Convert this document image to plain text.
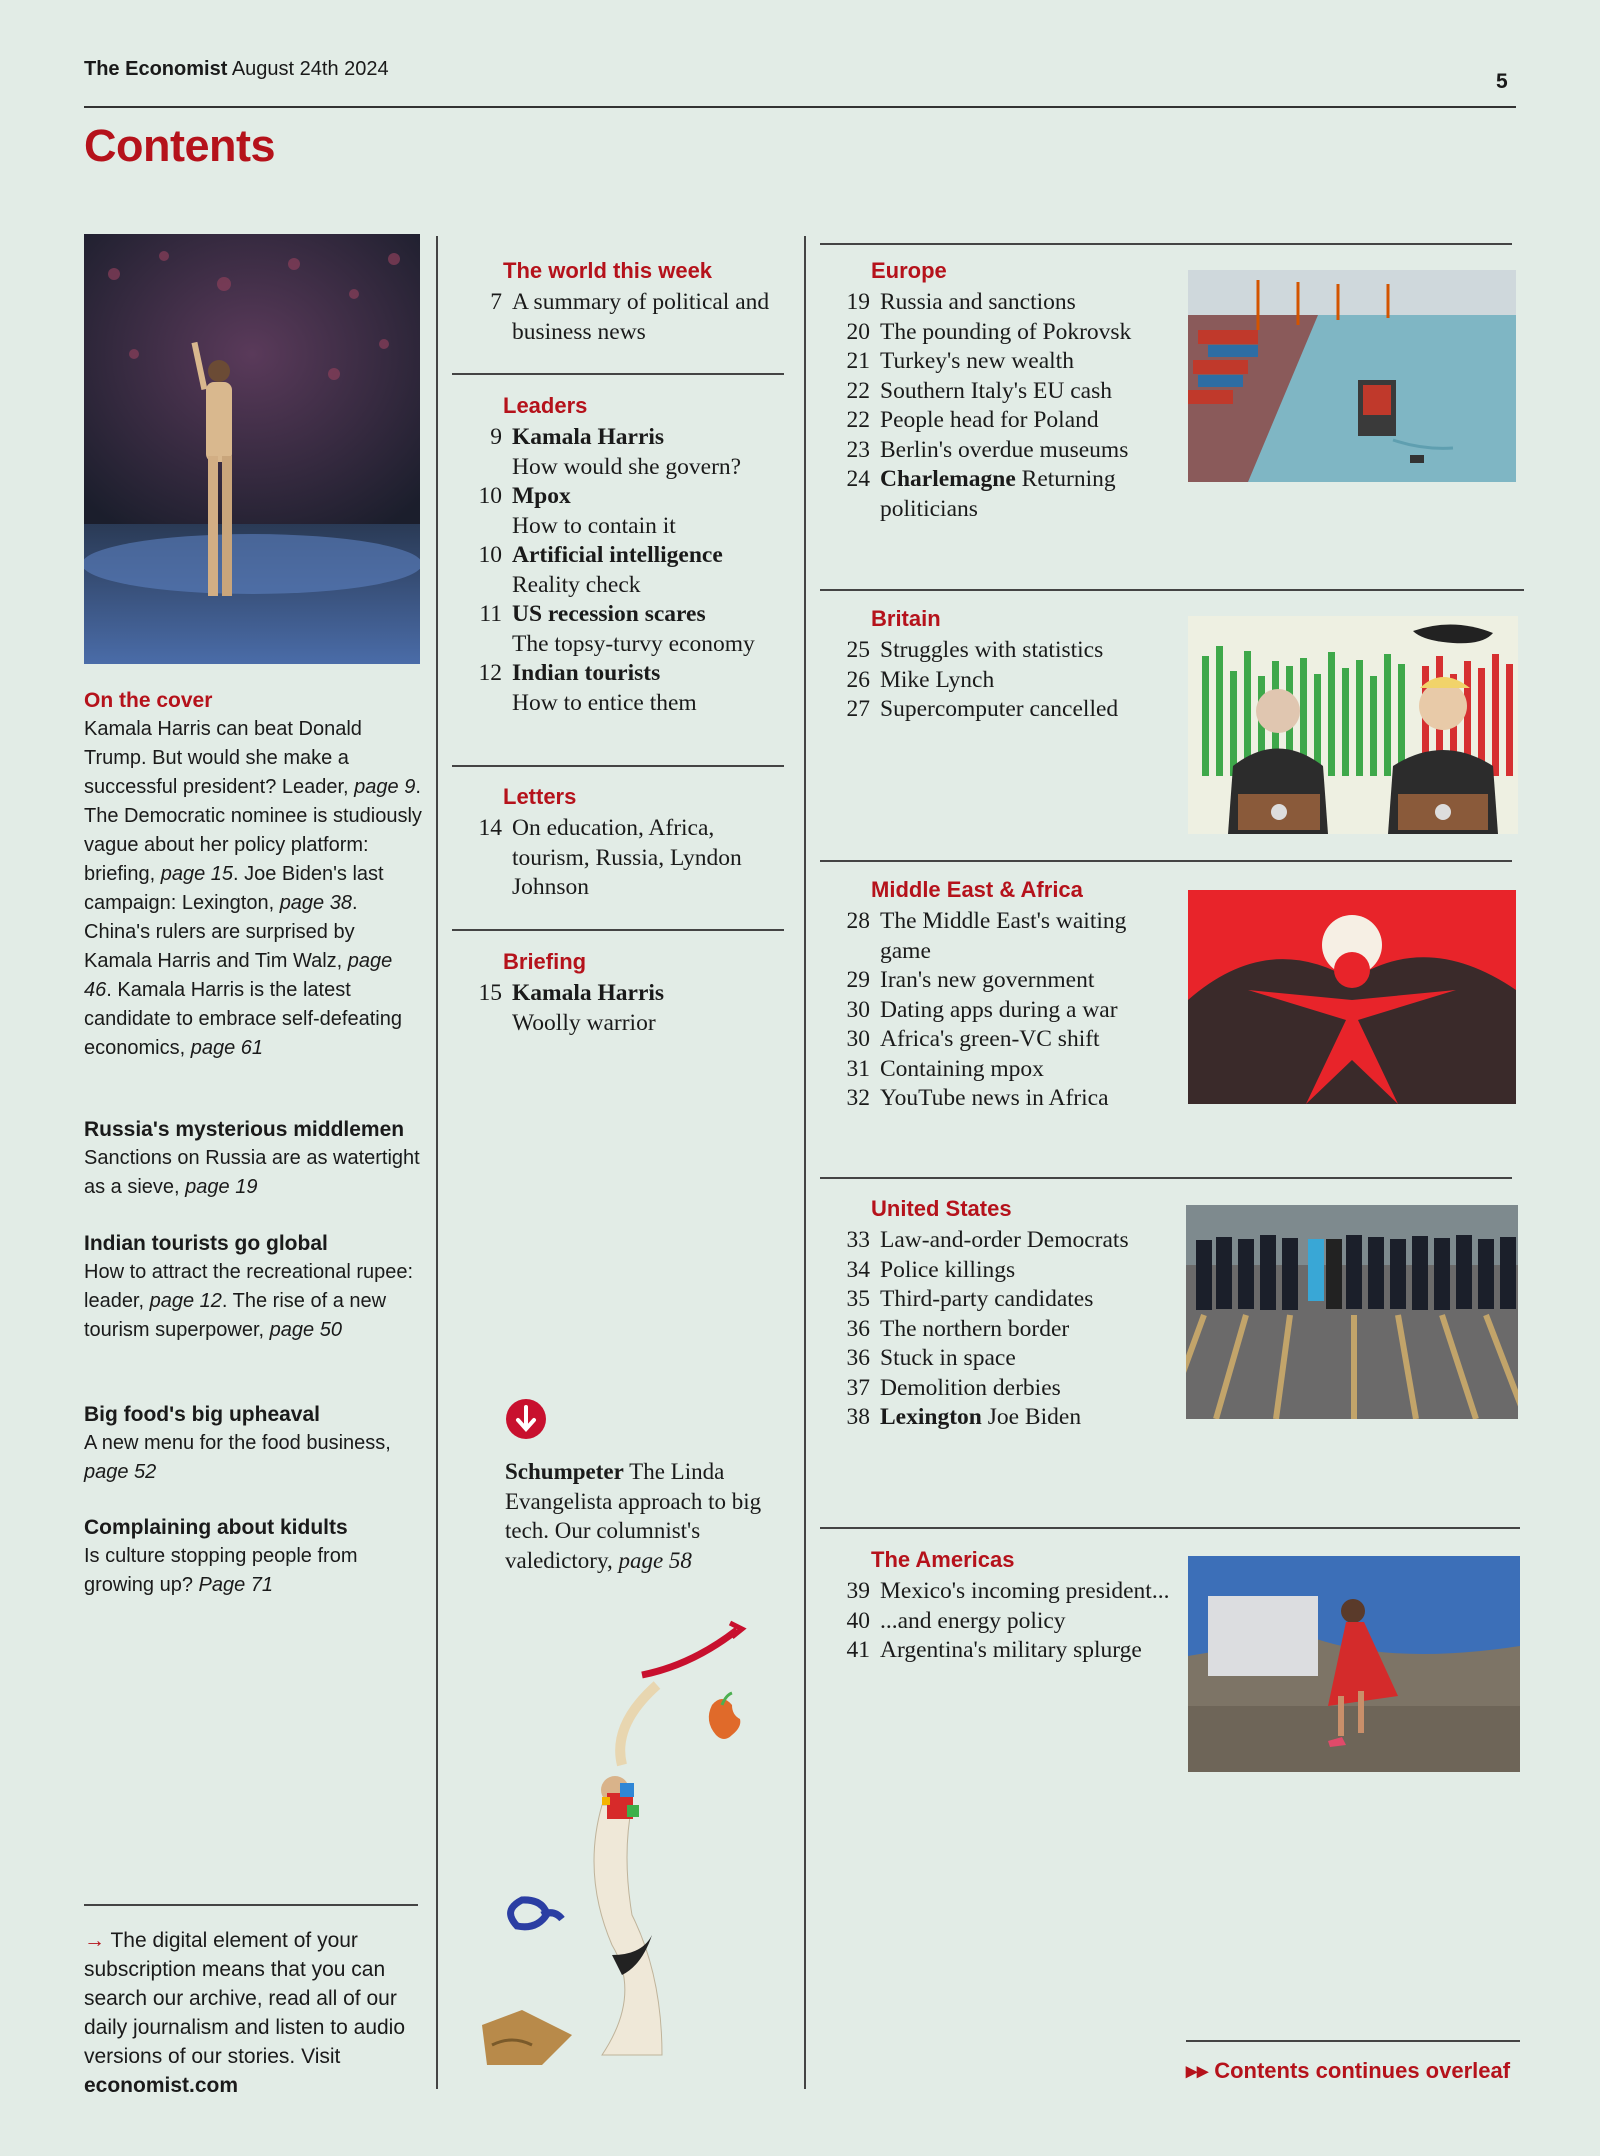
The Economist August 24th 2024
5
Contents
On the cover
Kamala Harris can beat Donald Trump. But would she make a successful president? Leader, page 9. The Democratic nominee is studiously vague about her policy platform: briefing, page 15. Joe Biden's last campaign: Lexington, page 38. China's rulers are surprised by Kamala Harris and Tim Walz, page 46. Kamala Harris is the latest candidate to embrace self-defeating economics, page 61
Russia's mysterious middlemen
Sanctions on Russia are as watertight as a sieve, page 19
Indian tourists go global
How to attract the recreational rupee: leader, page 12. The rise of a new tourism superpower, page 50
Big food's big upheaval
A new menu for the food business, page 52
Complaining about kidults
Is culture stopping people from growing up? Page 71
→ The digital element of your subscription means that you can search our archive, read all of our daily journalism and listen to audio versions of our stories. Visit economist.com
The world this week
7 A summary of political and business news
Leaders
9 Kamala Harris
How would she govern?
10 Mpox
How to contain it
10 Artificial intelligence
Reality check
11 US recession scares
The topsy-turvy economy
12 Indian tourists
How to entice them
Letters
14 On education, Africa, tourism, Russia, Lyndon Johnson
Briefing
15 Kamala Harris
Woolly warrior
Schumpeter The Linda Evangelista approach to big tech. Our columnist's valedictory, page 58
Europe
19 Russia and sanctions
20 The pounding of Pokrovsk
21 Turkey's new wealth
22 Southern Italy's EU cash
22 People head for Poland
23 Berlin's overdue museums
24 Charlemagne Returning politicians
Britain
25 Struggles with statistics
26 Mike Lynch
27 Supercomputer cancelled
Middle East & Africa
28 The Middle East's waiting game
29 Iran's new government
30 Dating apps during a war
30 Africa's green-VC shift
31 Containing mpox
32 YouTube news in Africa
United States
33 Law-and-order Democrats
34 Police killings
35 Third-party candidates
36 The northern border
36 Stuck in space
37 Demolition derbies
38 Lexington Joe Biden
The Americas
39 Mexico's incoming president...
40 ...and energy policy
41 Argentina's military splurge
▸▸ Contents continues overleaf
